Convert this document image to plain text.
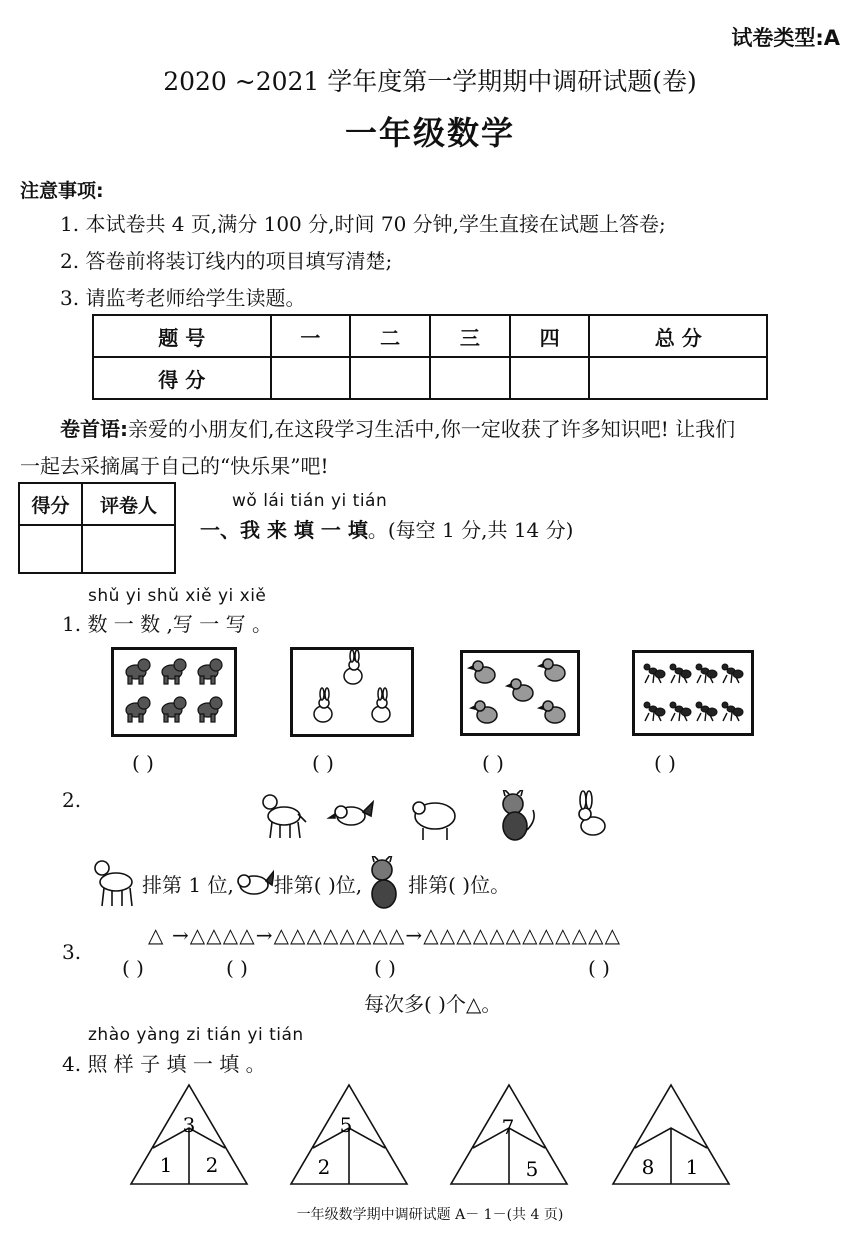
试卷类型:A
2020 ~2021 学年度第一学期期中调研试题(卷)
一年级数学
注意事项:
1. 本试卷共 4 页,满分 100 分,时间 70 分钟,学生直接在试题上答卷;
2. 答卷前将装订线内的项目填写清楚;
3. 请监考老师给学生读题。
题 号	一	二	三	四	总 分
得 分					
卷首语:亲爱的小朋友们,在这段学习生活中,你一定收获了许多知识吧! 让我们
一起去采摘属于自己的“快乐果”吧!
得分	评卷人
		wǒ lái tián yi tián
一、我 来 填 一 填。(每空 1 分,共 14 分)
shǔ yi shǔ xiě yi xiě
1. 数 一 数 ,写 一 写 。
( )	( )	( )	( )
2.
排第 1 位, 排第( )位, 排第( )位。
3.
△ →△△△△→△△△△△△△△→△△△△△△△△△△△△
( )	( )	( )	( )
每次多( )个△。
zhào yàng zi tián yi tián
4. 照 样 子 填 一 填 。
3
1 2
5
2
7
5	8 1
一年级数学期中调研试题 A－ 1－(共 4 页)
